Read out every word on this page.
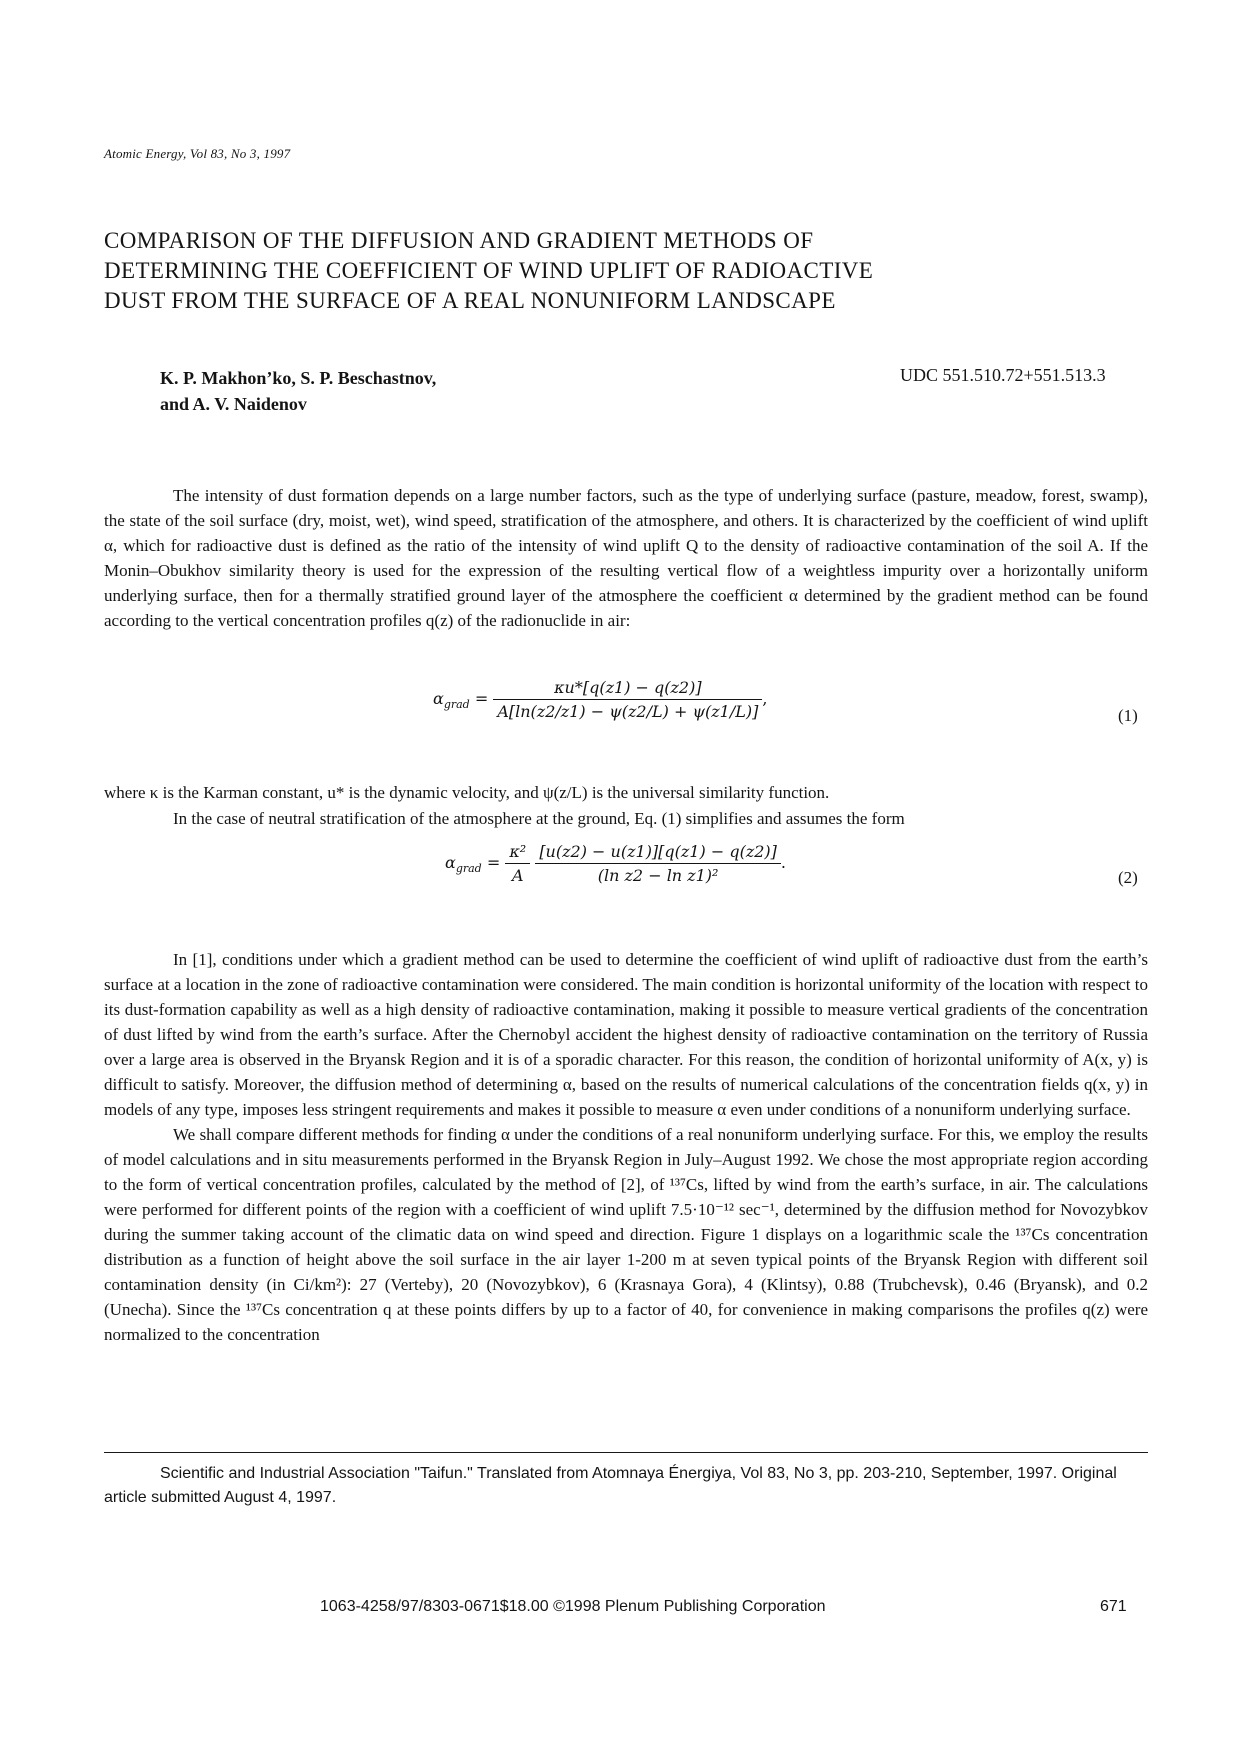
Atomic Energy, Vol 83, No 3, 1997
COMPARISON OF THE DIFFUSION AND GRADIENT METHODS OF
DETERMINING THE COEFFICIENT OF WIND UPLIFT OF RADIOACTIVE
DUST FROM THE SURFACE OF A REAL NONUNIFORM LANDSCAPE
K. P. Makhon’ko, S. P. Beschastnov,
and A. V. Naidenov
UDC 551.510.72+551.513.3

The intensity of dust formation depends on a large number factors, such as the type of underlying surface (pasture, meadow, forest, swamp), the state of the soil surface (dry, moist, wet), wind speed, stratification of the atmosphere, and others. It is characterized by the coefficient of wind uplift α, which for radioactive dust is defined as the ratio of the intensity of wind uplift Q to the density of radioactive contamination of the soil A. If the Monin–Obukhov similarity theory is used for the expression of the resulting vertical flow of a weightless impurity over a horizontally uniform underlying surface, then for a thermally stratified ground layer of the atmosphere the coefficient α determined by the gradient method can be found according to the vertical concentration profiles q(z) of the radionuclide in air:

$\alpha_{grad} = \frac{\kappa u*[q(z1) - q(z2)]}{A[\ln(z2/z1) - \psi(z2/L) + \psi(z1/L)]}$ ,
(1)
where κ is the Karman constant, u* is the dynamic velocity, and ψ(z/L) is the universal similarity function.
In the case of neutral stratification of the atmosphere at the ground, Eq. (1) simplifies and assumes the form
$\alpha_{grad} = \frac{\text{κ²}}{A}$
$\frac{[u(z2) - u(z1)][q(z1) - q(z2)]}{\text{(ln z2 − ln z1)²}}$ .
(2)

In [1], conditions under which a gradient method can be used to determine the coefficient of wind uplift of radioactive dust from the earth’s surface at a location in the zone of radioactive contamination were considered. The main condition is horizontal uniformity of the location with respect to its dust-formation capability as well as a high density of radioactive contamination, making it possible to measure vertical gradients of the concentration of dust lifted by wind from the earth’s surface. After the Chernobyl accident the highest density of radioactive contamination on the territory of Russia over a large area is observed in the Bryansk Region and it is of a sporadic character. For this reason, the condition of horizontal uniformity of A(x, y) is difficult to satisfy. Moreover, the diffusion method of determining α, based on the results of numerical calculations of the concentration fields q(x, y) in models of any type, imposes less stringent requirements and makes it possible to measure α even under conditions of a nonuniform underlying surface.

We shall compare different methods for finding α under the conditions of a real nonuniform underlying surface. For this, we employ the results of model calculations and in situ measurements performed in the Bryansk Region in July–August 1992. We chose the most appropriate region according to the form of vertical concentration profiles, calculated by the method of [2], of ¹³⁷Cs, lifted by wind from the earth’s surface, in air. The calculations were performed for different points of the region with a coefficient of wind uplift 7.5·10⁻¹² sec⁻¹, determined by the diffusion method for Novozybkov during the summer taking account of the climatic data on wind speed and direction. Figure 1 displays on a logarithmic scale the ¹³⁷Cs concentration distribution as a function of height above the soil surface in the air layer 1-200 m at seven typical points of the Bryansk Region with different soil contamination density (in Ci/km²): 27 (Verteby), 20 (Novozybkov), 6 (Krasnaya Gora), 4 (Klintsy), 0.88 (Trubchevsk), 0.46 (Bryansk), and 0.2 (Unecha). Since the ¹³⁷Cs concentration q at these points differs by up to a factor of 40, for convenience in making comparisons the profiles q(z) were normalized to the concentration

Scientific and Industrial Association "Taifun." Translated from Atomnaya Énergiya, Vol 83, No 3, pp. 203-210, September, 1997. Original article submitted August 4, 1997.
1063-4258/97/8303-0671$18.00 ©1998 Plenum Publishing Corporation	671
